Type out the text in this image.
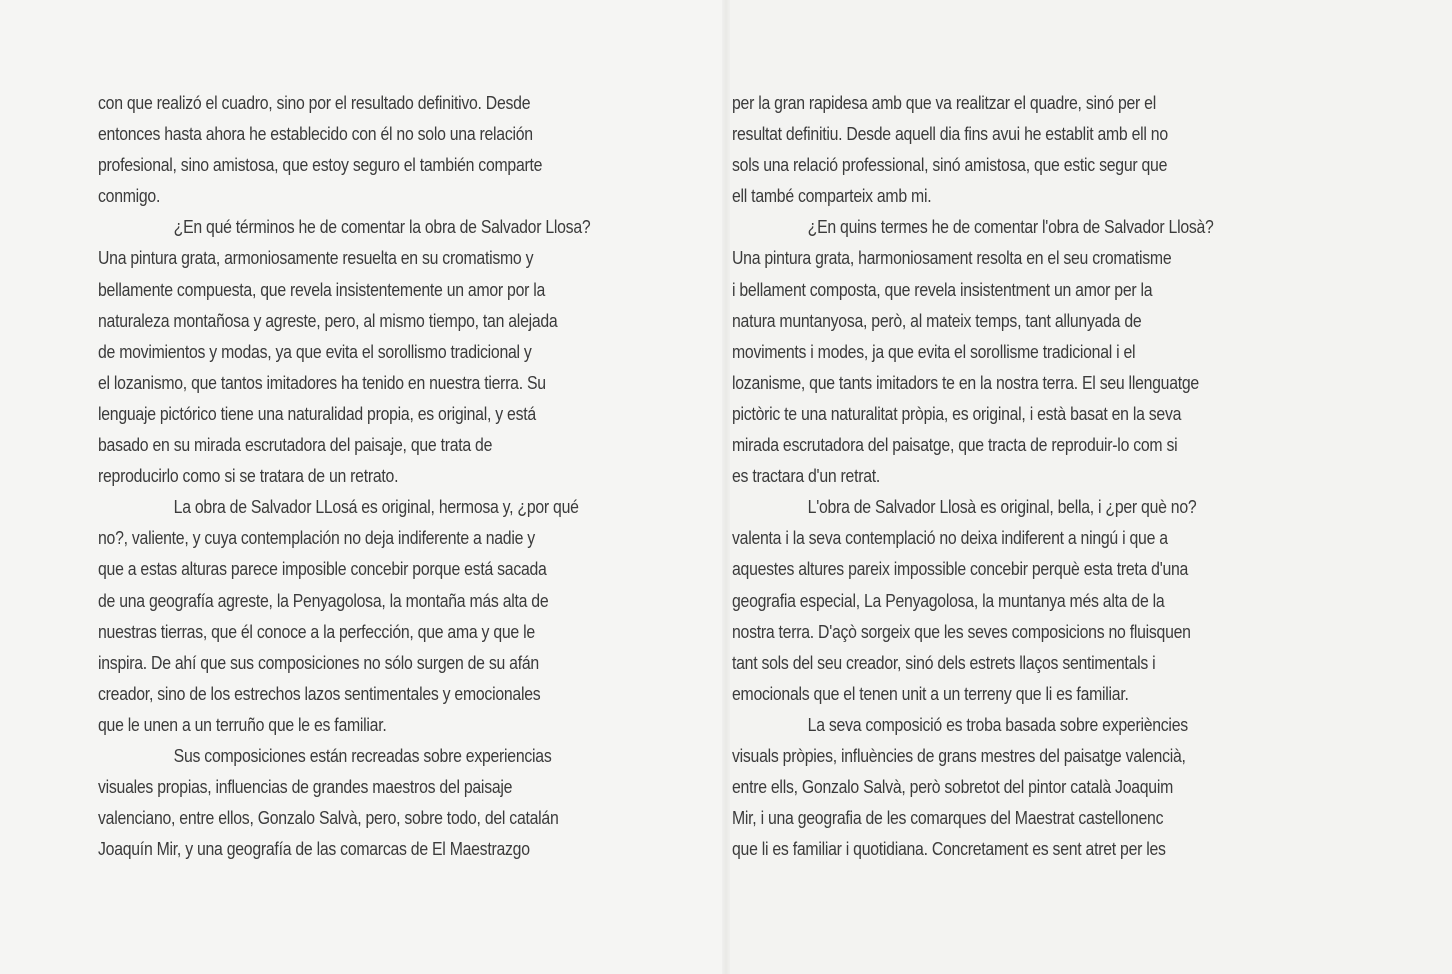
con que realizó el cuadro, sino por el resultado definitivo. Desde
entonces hasta ahora he establecido con él no solo una relación
profesional, sino amistosa, que estoy seguro el también comparte
conmigo.
¿En qué términos he de comentar la obra de Salvador Llosa?
Una pintura grata, armoniosamente resuelta en su cromatismo y
bellamente compuesta, que revela insistentemente un amor por la
naturaleza montañosa y agreste, pero, al mismo tiempo, tan alejada
de movimientos y modas, ya que evita el sorollismo tradicional y
el lozanismo, que tantos imitadores ha tenido en nuestra tierra. Su
lenguaje pictórico tiene una naturalidad propia, es original, y está
basado en su mirada escrutadora del paisaje, que trata de
reproducirlo como si se tratara de un retrato.
La obra de Salvador LLosá es original, hermosa y, ¿por qué
no?, valiente, y cuya contemplación no deja indiferente a nadie y
que a estas alturas parece imposible concebir porque está sacada
de una geografía agreste, la Penyagolosa, la montaña más alta de
nuestras tierras, que él conoce a la perfección, que ama y que le
inspira. De ahí que sus composiciones no sólo surgen de su afán
creador, sino de los estrechos lazos sentimentales y emocionales
que le unen a un terruño que le es familiar.
Sus composiciones están recreadas sobre experiencias
visuales propias, influencias de grandes maestros del paisaje
valenciano, entre ellos, Gonzalo Salvà, pero, sobre todo, del catalán
Joaquín Mir, y una geografía de las comarcas de El Maestrazgo
per la gran rapidesa amb que va realitzar el quadre, sinó per el
resultat definitiu. Desde aquell dia fins avui he establit amb ell no
sols una relació professional, sinó amistosa, que estic segur que
ell també comparteix amb mi.
¿En quins termes he de comentar l'obra de Salvador Llosà?
Una pintura grata, harmoniosament resolta en el seu cromatisme
i bellament composta, que revela insistentment un amor per la
natura muntanyosa, però, al mateix temps, tant allunyada de
moviments i modes, ja que evita el sorollisme tradicional i el
lozanisme, que tants imitadors te en la nostra terra. El seu llenguatge
pictòric te una naturalitat pròpia, es original, i està basat en la seva
mirada escrutadora del paisatge, que tracta de reproduir-lo com si
es tractara d'un retrat.
L'obra de Salvador Llosà es original, bella, i ¿per què no?
valenta i la seva contemplació no deixa indiferent a ningú i que a
aquestes altures pareix impossible concebir perquè esta treta d'una
geografia especial, La Penyagolosa, la muntanya més alta de la
nostra terra. D'açò sorgeix que les seves composicions no fluisquen
tant sols del seu creador, sinó dels estrets llaços sentimentals i
emocionals que el tenen unit a un terreny que li es familiar.
La seva composició es troba basada sobre experiències
visuals pròpies, influències de grans mestres del paisatge valencià,
entre ells, Gonzalo Salvà, però sobretot del pintor català Joaquim
Mir, i una geografia de les comarques del Maestrat castellonenc
que li es familiar i quotidiana. Concretament es sent atret per les
